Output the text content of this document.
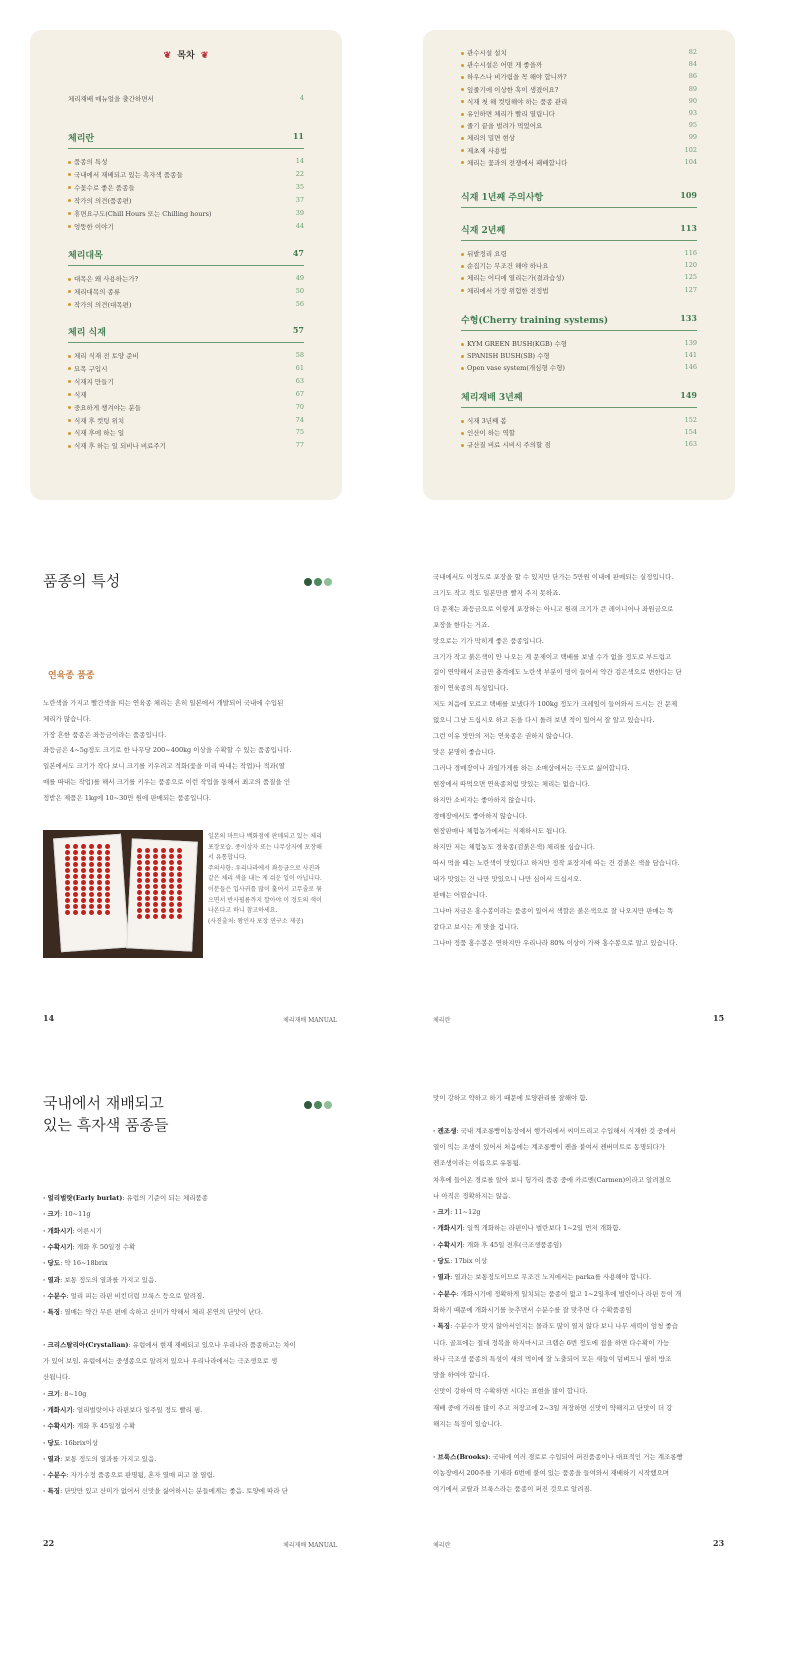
❦ 목차 ❦
체리재배 매뉴얼을 출간하면서	4
체리란	11
품종의 특성	14
국내에서 재배되고 있는 흑자색 품종들	22
수꽃수로 좋은 품종들	35
작가의 의견(품종편)	37
휴면요구도(Chill Hours 또는 Chilling hours)	39
엉뚱한 이야기	44
체리대목	47
대목은 왜 사용하는가?	49
체리대목의 종류	50
작가의 의견(대목편)	56
체리 식재	57
체리 식재 전 토양 준비	58
묘목 구입시	61
식재지 만들기	63
식재	67
중요하게 챙겨야는 분들	70
식재 후 컷팅 위치	74
식재 후에 하는 일	75
식재 후 하는 일 되비나 비료주기	77
관수시설 설치	82
관수시설은 어떤 게 좋을까	84
하우스나 비가림을 꼭 해야 합니까?	86
잎줄기에 이상한 혹이 생겼어요?	89
식재 첫 해 컷팅해야 하는 품종 관리	90
유인하면 체리가 빨리 열립니다	93
줄기 끝을 벌려가 먹었어요	95
체리의 밀면 현상	99
제초제 사용법	102
체리는 꽃과의 전쟁에서 패배합니다	104
식재 1년째 주의사항	109
식재 2년째	113
뒤밭정리 요령	116
순집기는 무조건 해야 하나요	120
체리는 어디에 열리는가(결과습성)	125
체리에서 가장 위험한 전정법	127
수형(Cherry training systems)	133
KYM GREEN BUSH(KGB) 수형	139
SPANISH BUSH(SB) 수형	141
Open vase system(개심형 수형)	146
체리재배 3년째	149
식재 3년째 봄	152
인산이 하는 역할	154
규산질 비료 시비시 주의할 점	163
품종의 특성
연육종 품종
노란색을 가지고 빨간색을 띠는 연육종 체리는 흔히 일본에서 개발되어 국내에 수입된
체리가 많습니다.
가장 흔한 품종은 좌등금이라는 품종입니다.
좌등금은 4~5g정도 크기로 한 나무당 200~400kg 이상을 수확할 수 있는 품종입니다.
일본에서도 크기가 작다 보니 크기를 키우려고 적화(꽃을 미리 따내는 작업)나 적과(열
매를 따내는 작업)를 해서 크기를 키우는 품종으로 이런 작업을 통해서 최고의 품질을 인
정받은 제품은 1kg에 10~30만 원에 판매되는 품종입니다.
일본의 마트나 백화점에 판매되고 있는 체리
포장모습. 종이상자 또는 나무상자에 포장해
서 유통합니다.
주의사항: 우리나라에서 좌등금으로 사진과
같은 체리 색을 내는 게 쉬운 일이 아닙니다.
이분들은 입사귀를 많이 훑어서 고무줄로 묶
으면서 반사필름까지 깔아야 이 정도의 색이
나온다고 하니 참고하세요.
(사진출처: 왕인자 포장 연구소 제공)
14	체리재배 MANUAL
국내에서도 이정도로 포장을 할 수 있지만 단가는 5만원 이내에 판매되는 실정입니다.
크기도 작고 적도 일본만큼 빨지 주지 못하죠.
더 문제는 좌등금으로 이렇게 포장하는 아니고 원래 크기가 큰 레이니어나 좌원금으로
포장을 한다는 거죠.
맛으로는 기가 막히게 좋은 품종입니다.
크기가 작고 붉은색이 안 나오는 게 문제이고 택배를 보낼 수가 없을 정도로 부드럽고
걸이 연약해서 조금만 충격에도 노란색 부분이 멍이 들어서 약간 검은색으로 변한다는 단
점이 연육종의 특성입니다.
저도 처음에 모르고 택배를 보냈다가 100kg 정도가 크레임이 들어와서 드시는 건 문제
없으니 그냥 드십시오 하고 돈을 다시 돌려 보낸 적이 있어서 잘 알고 있습니다.
그런 이유 맛만의 저는 연육종은 권하지 않습니다.
맛은 분명히 좋습니다.
그러나 경매장이나 과일가게를 하는 소매상에서는 극도로 싫어합니다.
현장에서 따먹으면 연육종처럼 맛있는 체리는 없습니다.
하지만 소비자는 좋아하지 않습니다.
경매장에서도 좋아하지 않습니다.
현장판매나 체험농가에서는 식재하시도 됩니다.
하지만 저는 체험농도 경육종(검붉은색) 체리를 심습니다.
따서 먹을 때는 노란색이 맛있다고 하지만 정작 포장지에 따는 건 검붉은 색을 담습니다.
내가 맛있는 건 나만 맛있으니 나만 심어서 드십시오.
판매는 어렵습니다.
그나마 지금은 홍수봉이라는 품종이 있어서 색깔은 붉은색으로 잘 나오지만 판매는 똑
같다고 보시는 게 맞을 겁니다.
그나마 정품 홍수봉은 연하지만 우리나라 80% 이상이 가짜 홍수봉으로 알고 있습니다.
체리란	15
국내에서 재배되고
있는 흑자색 품종들
· 얼리벌랏(Early burlat): 유럽의 기준이 되는 체리품종
· 크기: 10~11g
· 개화시기: 이른시기
· 수확시기: 개화 후 50일경 수확
· 당도: 약 16~18brix
· 열과: 보통 정도의 열과를 가지고 있음.
· 수분수: 얼리 피는 라핀 비킨더럽 브룩스 등으로 알려짐.
· 특징: 열매는 약간 무른 편에 속하고 산미가 약해서 체리 본연의 단맛이 난다.
· 크리스탈리아(Crystalian): 유럽에서 현재 재배되고 있으나 우리나라 품종하고는 차이
가 있어 보임. 유럽에서는 중생종으로 알려져 있으나 우리나라에서는 극조생으로 생
산됩니다.
· 크기: 8~10g
· 개화시기: 얼리벌랏이나 라핀보다 일주일 정도 빨리 핌.
· 수확시기: 개화 후 45일경 수확
· 당도: 16brix이상
· 열과: 보통 정도의 열과를 가지고 있음.
· 수분수: 자가수정 품종으로 판명됨, 혼자 열매 피고 잘 열림.
· 특징: 단맛만 있고 산미가 없어서 신맛을 싫어하시는 분들에게는 좋음. 토양에 따라 단
22	체리재배 MANUAL
맛이 강하고 약하고 하기 때문에 토양관리를 잘해야 함.
· 켄조생: 국내 계조롱빵이농장에서 행가리에서 씨미드리고 수입해서 식재한 것 중에서
열이 익는 조생이 있어서 처음에는 계조롱빵이 켄을 붙여서 켄버미트로 동명되다가
켄조생이라는 이름으로 유통됨.
차후에 들어온 경로를 알아 보니 헝가리 품종 중에 카르멘(Carmen)이라고 알려졌으
나 아직은 정확하지는 않음.
· 크기: 11~12g
· 개화시기: 일찍 개화하는 라핀이나 벌란보다 1~2일 먼저 개화함.
· 수확시기: 개화 후 45일 전후(극조생품종임)
· 당도: 17bix 이상
· 열과: 열과는 보통정도이므로 무조건 노지에서는 parka를 사용해야 합니다.
· 수분수: 개화시기에 정확하게 일치되는 품종이 없고 1~2일후에 벌란이나 라핀 등이 개
화하기 때문에 개화시기를 늦추면서 수분수를 잘 맞추면 다 수확품종임
· 특징: 수분수가 맞지 않아서인지는 몰라도 많이 열지 않다 보니 나무 세력이 엄청 좋습
니다. 골프에는 절대 정복을 하지마시고 크랩슨 6번 정도에 접을 하면 다수확이 가능
하나 극조생 품종의 특성이 새의 먹이에 잘 노출되어 모든 새들이 덤벼드니 필히 방조
망을 하여야 합니다.
신맛이 강하여 딱 수확하면 시다는 표현을 많이 합니다.
재배 중에 가리를 많이 주고 저장고에 2~3일 저장하면 신맛이 약해지고 단맛이 더 강
해지는 특징이 있습니다.
· 브룩스(Brooks): 국내에 여러 경로로 수입되어 퍼진품종이나 대표적인 거는 계조롱빵
이농장에서 200주를 기세라 6번에 붙여 있는 품종을 들여와서 재배하기 시작했으며
여기에서 코랄과 브룩스라는 품종이 퍼진 것으로 알려짐.
체리란	23
